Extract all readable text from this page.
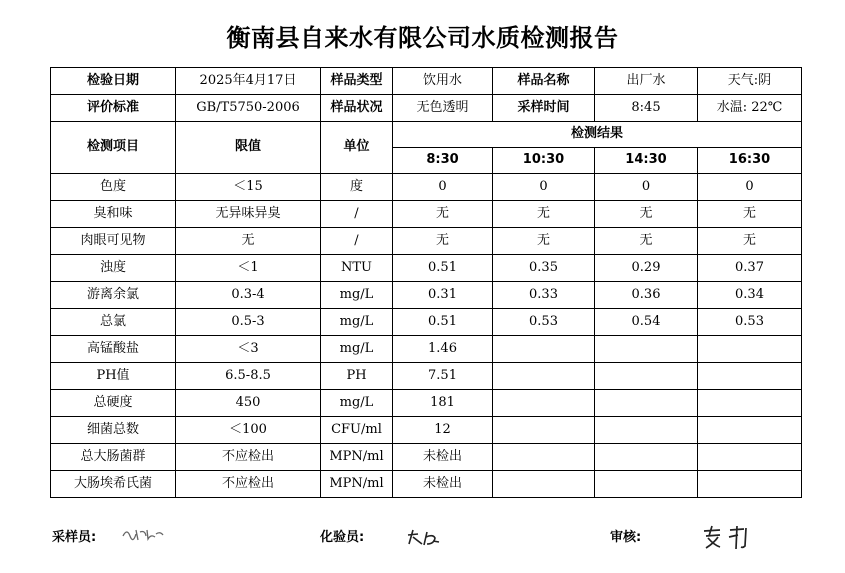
衡南县自来水有限公司水质检测报告
检验日期	2025年4月17日	样品类型	饮用水	样品名称	出厂水	天气:阴
评价标准	GB/T5750-2006	样品状况	无色透明	采样时间	8:45	水温: 22℃
检测项目	限值	单位	检测结果			
			8:30	10:30	14:30	16:30
色度	＜15	度	0	0	0	0
臭和味	无异味异臭	/	无	无	无	无
肉眼可见物	无	/	无	无	无	无
浊度	＜1	NTU	0.51	0.35	0.29	0.37
游离余氯	0.3-4	mg/L	0.31	0.33	0.36	0.34
总氯	0.5-3	mg/L	0.51	0.53	0.54	0.53
高锰酸盐	＜3	mg/L	1.46			
PH值	6.5-8.5	PH	7.51			
总硬度	450	mg/L	181			
细菌总数	＜100	CFU/ml	12			
总大肠菌群	不应检出	MPN/ml	未检出			
大肠埃希氏菌	不应检出	MPN/ml	未检出			
采样员:	化验员:	审核:
